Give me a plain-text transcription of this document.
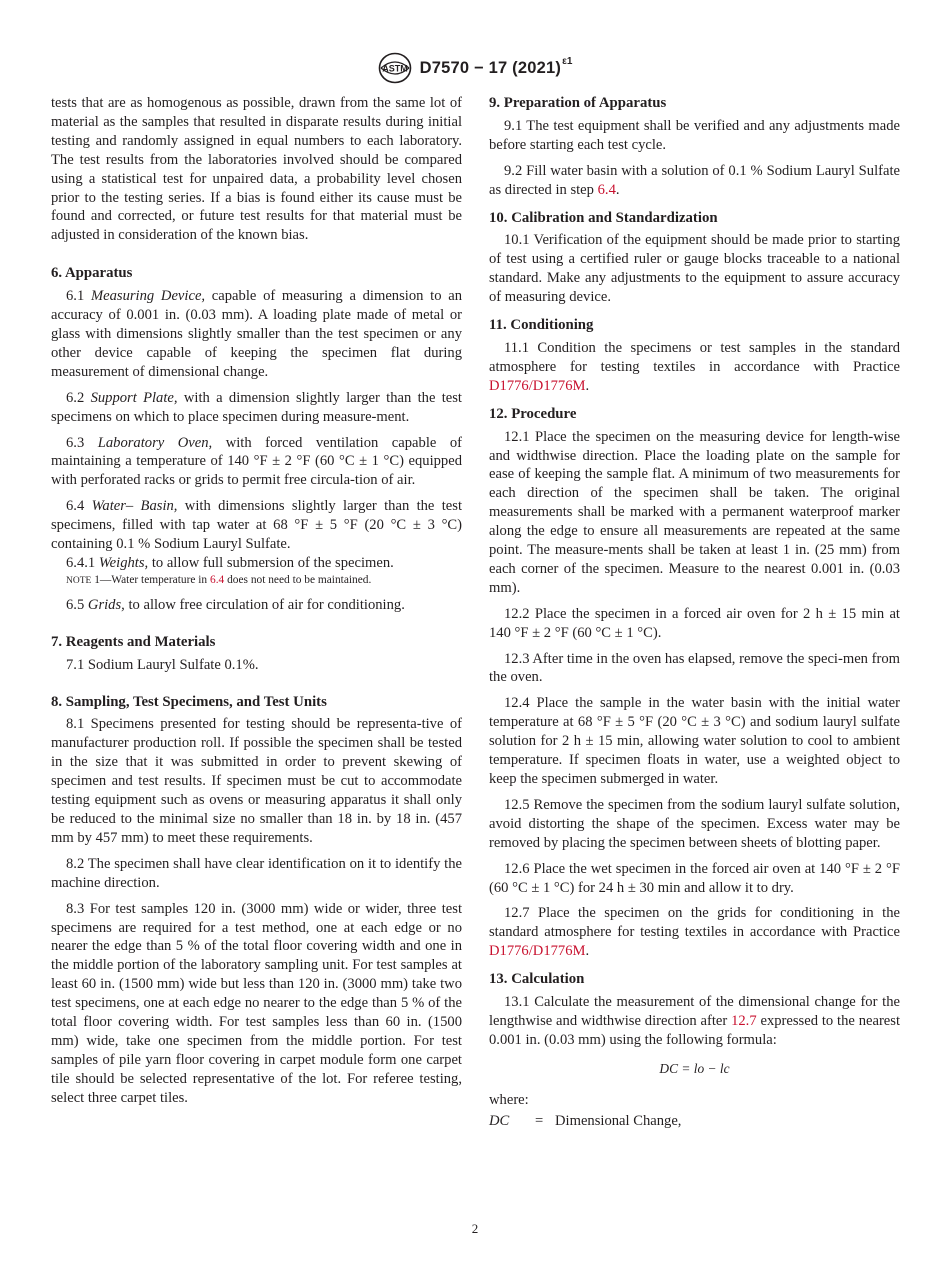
ASTM D7570 − 17 (2021) ε1

tests that are as homogenous as possible, drawn from the same lot of material as the samples that resulted in disparate results during initial testing and randomly assigned in equal numbers to each laboratory. The test results from the laboratories involved should be compared using a statistical test for unpaired data, a probability level chosen prior to the testing series. If a bias is found either its cause must be found and corrected, or future test results for that material must be adjusted in consideration of the known bias.

6. Apparatus

6.1 Measuring Device, capable of measuring a dimension to an accuracy of 0.001 in. (0.03 mm). A loading plate made of metal or glass with dimensions slightly smaller than the test specimen or any other device capable of keeping the specimen flat during measurement of dimensional change.

6.2 Support Plate, with a dimension slightly larger than the test specimens on which to place specimen during measure-ment.

6.3 Laboratory Oven, with forced ventilation capable of maintaining a temperature of 140 °F ± 2 °F (60 °C ± 1 °C) equipped with perforated racks or grids to permit free circula-tion of air.

6.4 Water– Basin, with dimensions slightly larger than the test specimens, filled with tap water at 68 °F ± 5 °F (20 °C ± 3 °C) containing 0.1 % Sodium Lauryl Sulfate.

6.4.1 Weights, to allow full submersion of the specimen.

NOTE 1—Water temperature in 6.4 does not need to be maintained.

6.5 Grids, to allow free circulation of air for conditioning.

7. Reagents and Materials

7.1 Sodium Lauryl Sulfate 0.1%.

8. Sampling, Test Specimens, and Test Units

8.1 Specimens presented for testing should be representa-tive of manufacturer production roll. If possible the specimen shall be tested in the size that it was submitted in order to prevent skewing of specimen and test results. If specimen must be cut to accommodate testing equipment such as ovens or measuring apparatus it shall only be reduced to the minimal size no smaller than 18 in. by 18 in. (457 mm by 457 mm) to meet these requirements.

8.2 The specimen shall have clear identification on it to identify the machine direction.

8.3 For test samples 120 in. (3000 mm) wide or wider, three test specimens are required for a test method, one at each edge or no nearer the edge than 5 % of the total floor covering width and one in the middle portion of the laboratory sampling unit. For test samples at least 60 in. (1500 mm) wide but less than 120 in. (3000 mm) take two test specimens, one at each edge no nearer to the edge than 5 % of the total floor covering width. For test samples less than 60 in. (1500 mm) wide, take one specimen from the middle portion. For test samples of pile yarn floor covering in carpet module form one carpet tile should be selected representative of the lot. For referee testing, select three carpet tiles.

9. Preparation of Apparatus

9.1 The test equipment shall be verified and any adjustments made before starting each test cycle.

9.2 Fill water basin with a solution of 0.1 % Sodium Lauryl Sulfate as directed in step 6.4.

10. Calibration and Standardization

10.1 Verification of the equipment should be made prior to starting of test using a certified ruler or gauge blocks traceable to a national standard. Make any adjustments to the equipment to assure accuracy of measuring device.

11. Conditioning

11.1 Condition the specimens or test samples in the standard atmosphere for testing textiles in accordance with Practice D1776/D1776M.

12. Procedure

12.1 Place the specimen on the measuring device for length-wise and widthwise direction. Place the loading plate on the sample for ease of keeping the sample flat. A minimum of two measurements for each direction of the specimen shall be taken. The original measurements shall be marked with a permanent waterproof marker along the edge to ensure all measurements are repeated at the same point. The measure-ments shall be taken at least 1 in. (25 mm) from each corner of the specimen. Measure to the nearest 0.001 in. (0.03 mm).

12.2 Place the specimen in a forced air oven for 2 h ± 15 min at 140 °F ± 2 °F (60 °C ± 1 °C).

12.3 After time in the oven has elapsed, remove the speci-men from the oven.

12.4 Place the sample in the water basin with the initial water temperature at 68 °F ± 5 °F (20 °C ± 3 °C) and sodium lauryl sulfate solution for 2 h ± 15 min, allowing water solution to cool to ambient temperature. If specimen floats in water, use a weighted object to keep the specimen submerged in water.

12.5 Remove the specimen from the sodium lauryl sulfate solution, avoid distorting the shape of the specimen. Excess water may be removed by placing the specimen between sheets of blotting paper.

12.6 Place the wet specimen in the forced air oven at 140 °F ± 2 °F (60 °C ± 1 °C) for 24 h ± 30 min and allow it to dry.

12.7 Place the specimen on the grids for conditioning in the standard atmosphere for testing textiles in accordance with Practice D1776/D1776M.

13. Calculation

13.1 Calculate the measurement of the dimensional change for the lengthwise and widthwise direction after 12.7 expressed to the nearest 0.001 in. (0.03 mm) using the following formula:

DC = lo − lc

where:

DC	= Dimensional Change,
2
